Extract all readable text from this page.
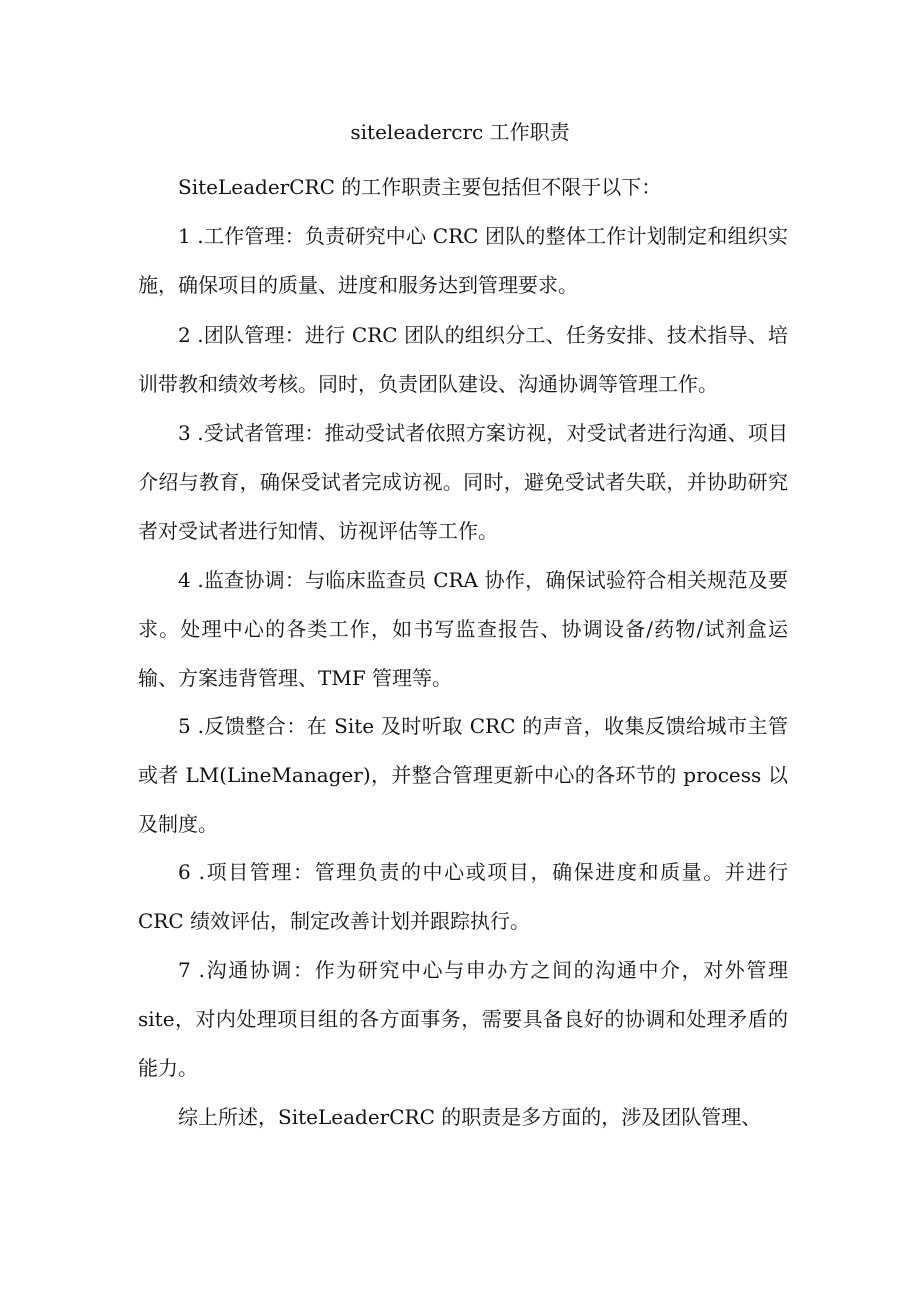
siteleadercrc 工作职责

SiteLeaderCRC 的工作职责主要包括但不限于以下：

1 .工作管理：负责研究中心 CRC 团队的整体工作计划制定和组织实施，确保项目的质量、进度和服务达到管理要求。

2 .团队管理：进行 CRC 团队的组织分工、任务安排、技术指导、培训带教和绩效考核。同时，负责团队建设、沟通协调等管理工作。

3 .受试者管理：推动受试者依照方案访视，对受试者进行沟通、项目介绍与教育，确保受试者完成访视。同时，避免受试者失联，并协助研究者对受试者进行知情、访视评估等工作。

4 .监查协调：与临床监查员 CRA 协作，确保试验符合相关规范及要求。处理中心的各类工作，如书写监查报告、协调设备/药物/试剂盒运输、方案违背管理、TMF 管理等。

5 .反馈整合：在 Site 及时听取 CRC 的声音，收集反馈给城市主管或者 LM(LineManager)，并整合管理更新中心的各环节的 process 以及制度。

6 .项目管理：管理负责的中心或项目，确保进度和质量。并进行 CRC 绩效评估，制定改善计划并跟踪执行。

7 .沟通协调：作为研究中心与申办方之间的沟通中介，对外管理 site，对内处理项目组的各方面事务，需要具备良好的协调和处理矛盾的能力。

综上所述，SiteLeaderCRC 的职责是多方面的，涉及团队管理、
